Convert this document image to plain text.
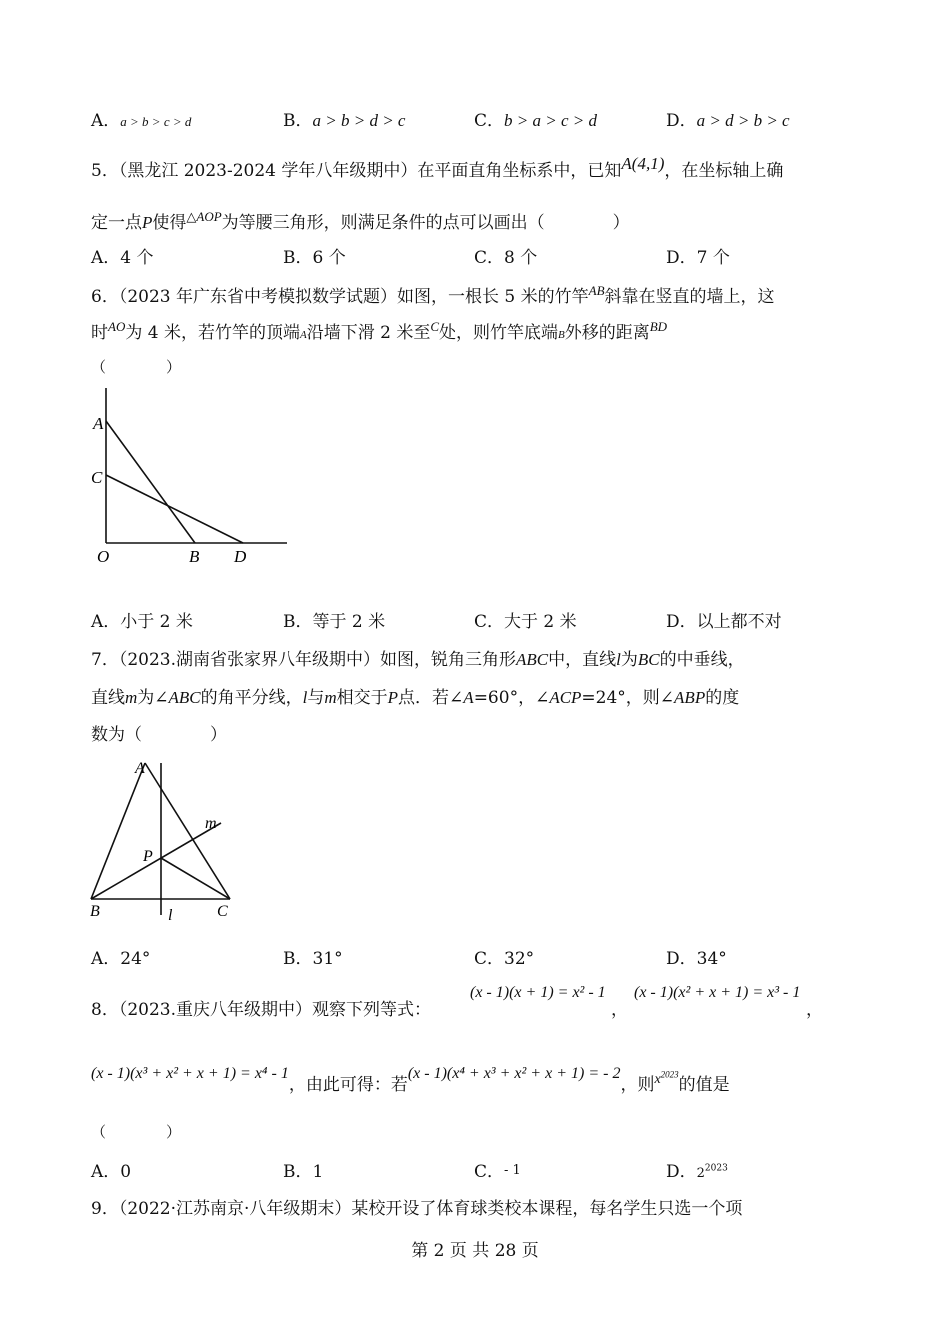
A．a > b > c > d	B．a > b > d > c	C．b > a > c > d	D．a > d > b > c
5．（黑龙江 2023-2024 学年八年级期中）在平面直角坐标系中，已知A(4,1)，在坐标轴上确
定一点P使得$^{\triangle AOP}$为等腰三角形，则满足条件的点可以画出（　　　　）
A．4 个	B．6 个	C．8 个	D．7 个
6．（2023 年广东省中考模拟数学试题）如图，一根长 5 米的竹竿$^{AB}$斜靠在竖直的墙上，这
时$^{AO}$为 4 米，若竹竿的顶端A沿墙下滑 2 米至$^C$处，则竹竿底端B外移的距离$^{BD}$
（　　　　）
A
C
O	B D
A．小于 2 米	B．等于 2 米	C．大于 2 米	D．以上都不对
7．（2023.湖南省张家界八年级期中）如图，锐角三角形ABC中，直线l为BC的中垂线，
直线m为∠ABC的角平分线，l与m相交于P点．若∠A=60°，∠ACP=24°，则∠ABP的度
数为（　　　　）
A
B	C
P
m
l
A．24°	B．31°	C．32°	D．34°
8．（2023.重庆八年级期中）观察下列等式：
(x - 1)(x + 1) = x² - 1
，
(x - 1)(x² + x + 1) = x³ - 1
，
(x - 1)(x³ + x² + x + 1) = x⁴ - 1，由此可得：若(x - 1)(x⁴ + x³ + x² + x + 1) = - 2，则$^{x^{2023}}$的值是
（　　　　）
A．0	B．1	C．- 1	D．$2^{2023}$
9．（2022·江苏南京·八年级期末）某校开设了体育球类校本课程，每名学生只选一个项
第 2 页 共 28 页
